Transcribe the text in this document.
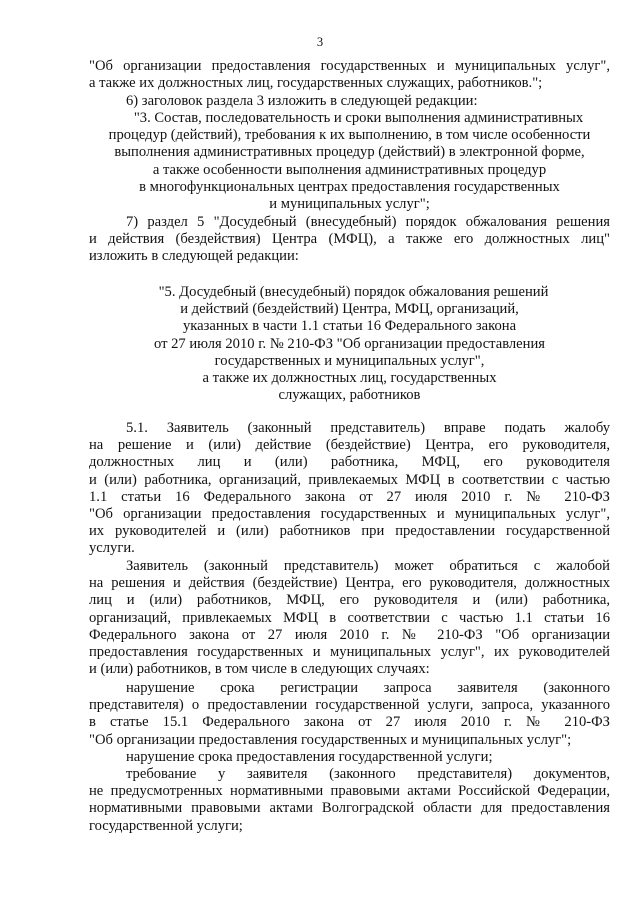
3

"Об организации предоставления государственных и муниципальных услуг",

а также их должностных лиц, государственных служащих, работников.";

6) заголовок раздела 3 изложить в следующей редакции:

"3. Состав, последовательность и сроки выполнения административных

процедур (действий), требования к их выполнению, в том числе особенности

выполнения административных процедур (действий) в электронной форме,

а также особенности выполнения административных процедур

в многофункциональных центрах предоставления государственных

и муниципальных услуг";

7) раздел 5 "Досудебный (внесудебный) порядок обжалования решения

и действия (бездействия) Центра (МФЦ), а также его должностных лиц"

изложить в следующей редакции:

"5. Досудебный (внесудебный) порядок обжалования решений

и действий (бездействий) Центра, МФЦ, организаций,

указанных в части 1.1 статьи 16 Федерального закона

от 27 июля 2010 г. № 210-ФЗ "Об организации предоставления

государственных и муниципальных услуг",

а также их должностных лиц, государственных

служащих, работников

5.1. Заявитель (законный представитель) вправе подать жалобу

на решение и (или) действие (бездействие) Центра, его руководителя,

должностных лиц и (или) работника, МФЦ, его руководителя

и (или) работника, организаций, привлекаемых МФЦ в соответствии с частью

1.1 статьи 16 Федерального закона от 27 июля 2010 г. № 210-ФЗ

"Об организации предоставления государственных и муниципальных услуг",

их руководителей и (или) работников при предоставлении государственной

услуги.

Заявитель (законный представитель) может обратиться с жалобой

на решения и действия (бездействие) Центра, его руководителя, должностных

лиц и (или) работников, МФЦ, его руководителя и (или) работника,

организаций, привлекаемых МФЦ в соответствии с частью 1.1 статьи 16

Федерального закона от 27 июля 2010 г. № 210-ФЗ "Об организации

предоставления государственных и муниципальных услуг", их руководителей

и (или) работников, в том числе в следующих случаях:

нарушение срока регистрации запроса заявителя (законного

представителя) о предоставлении государственной услуги, запроса, указанного

в статье 15.1 Федерального закона от 27 июля 2010 г. № 210-ФЗ

"Об организации предоставления государственных и муниципальных услуг";

нарушение срока предоставления государственной услуги;

требование у заявителя (законного представителя) документов,

не предусмотренных нормативными правовыми актами Российской Федерации,

нормативными правовыми актами Волгоградской области для предоставления

государственной услуги;
